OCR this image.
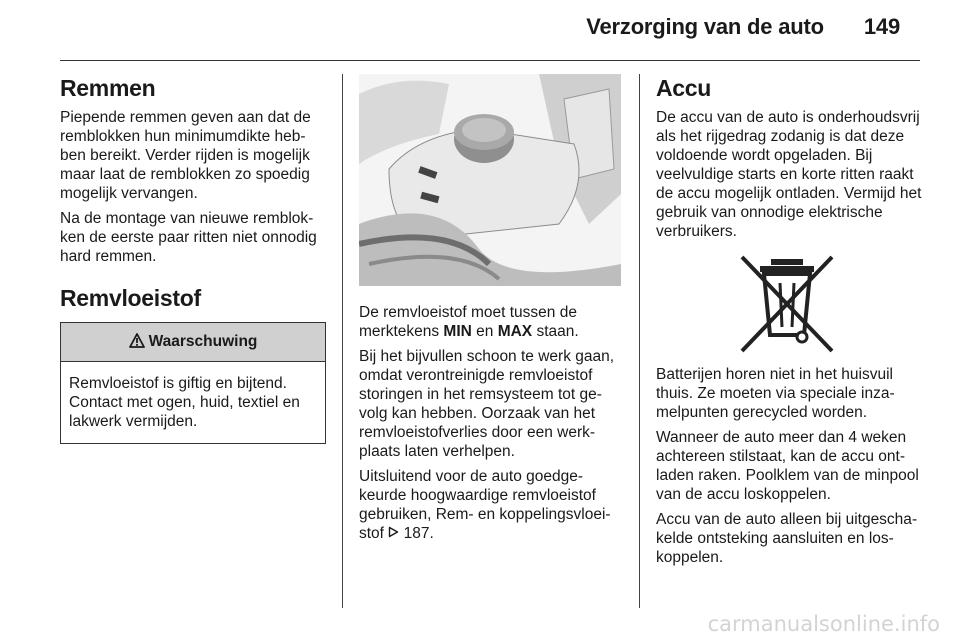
Verzorging van de auto 149
Remmen

Piepende remmen geven aan dat de remblokken hun minimumdikte hebben bereikt. Verder rijden is mogelijk maar laat de remblokken zo spoedig mogelijk vervangen.

Na de montage van nieuwe remblokken de eerste paar ritten niet onnodig hard remmen.

Remvloeistof
Waarschuwing
Remvloeistof is giftig en bijtend. Contact met ogen, huid, textiel en lakwerk vermijden.

De remvloeistof moet tussen de merktekens MIN en MAX staan.

Bij het bijvullen schoon te werk gaan, omdat verontreinigde remvloeistof storingen in het remsysteem tot gevolg kan hebben. Oorzaak van het remvloeistofverlies door een werkplaats laten verhelpen.

Uitsluitend voor de auto goedgekeurde hoogwaardige remvloeistof gebruiken, Rem- en koppelingsvloeistof  187.

Accu

De accu van de auto is onderhoudsvrij als het rijgedrag zodanig is dat deze voldoende wordt opgeladen. Bij veelvuldige starts en korte ritten raakt de accu mogelijk ontladen. Vermijd het gebruik van onnodige elektrische verbruikers.

Batterijen horen niet in het huisvuil thuis. Ze moeten via speciale inzamelpunten gerecycled worden.

Wanneer de auto meer dan 4 weken achtereen stilstaat, kan de accu ontladen raken. Poolklem van de minpool van de accu loskoppelen.

Accu van de auto alleen bij uitgeschakelde ontsteking aansluiten en loskoppelen.

carmanualsonline.info
